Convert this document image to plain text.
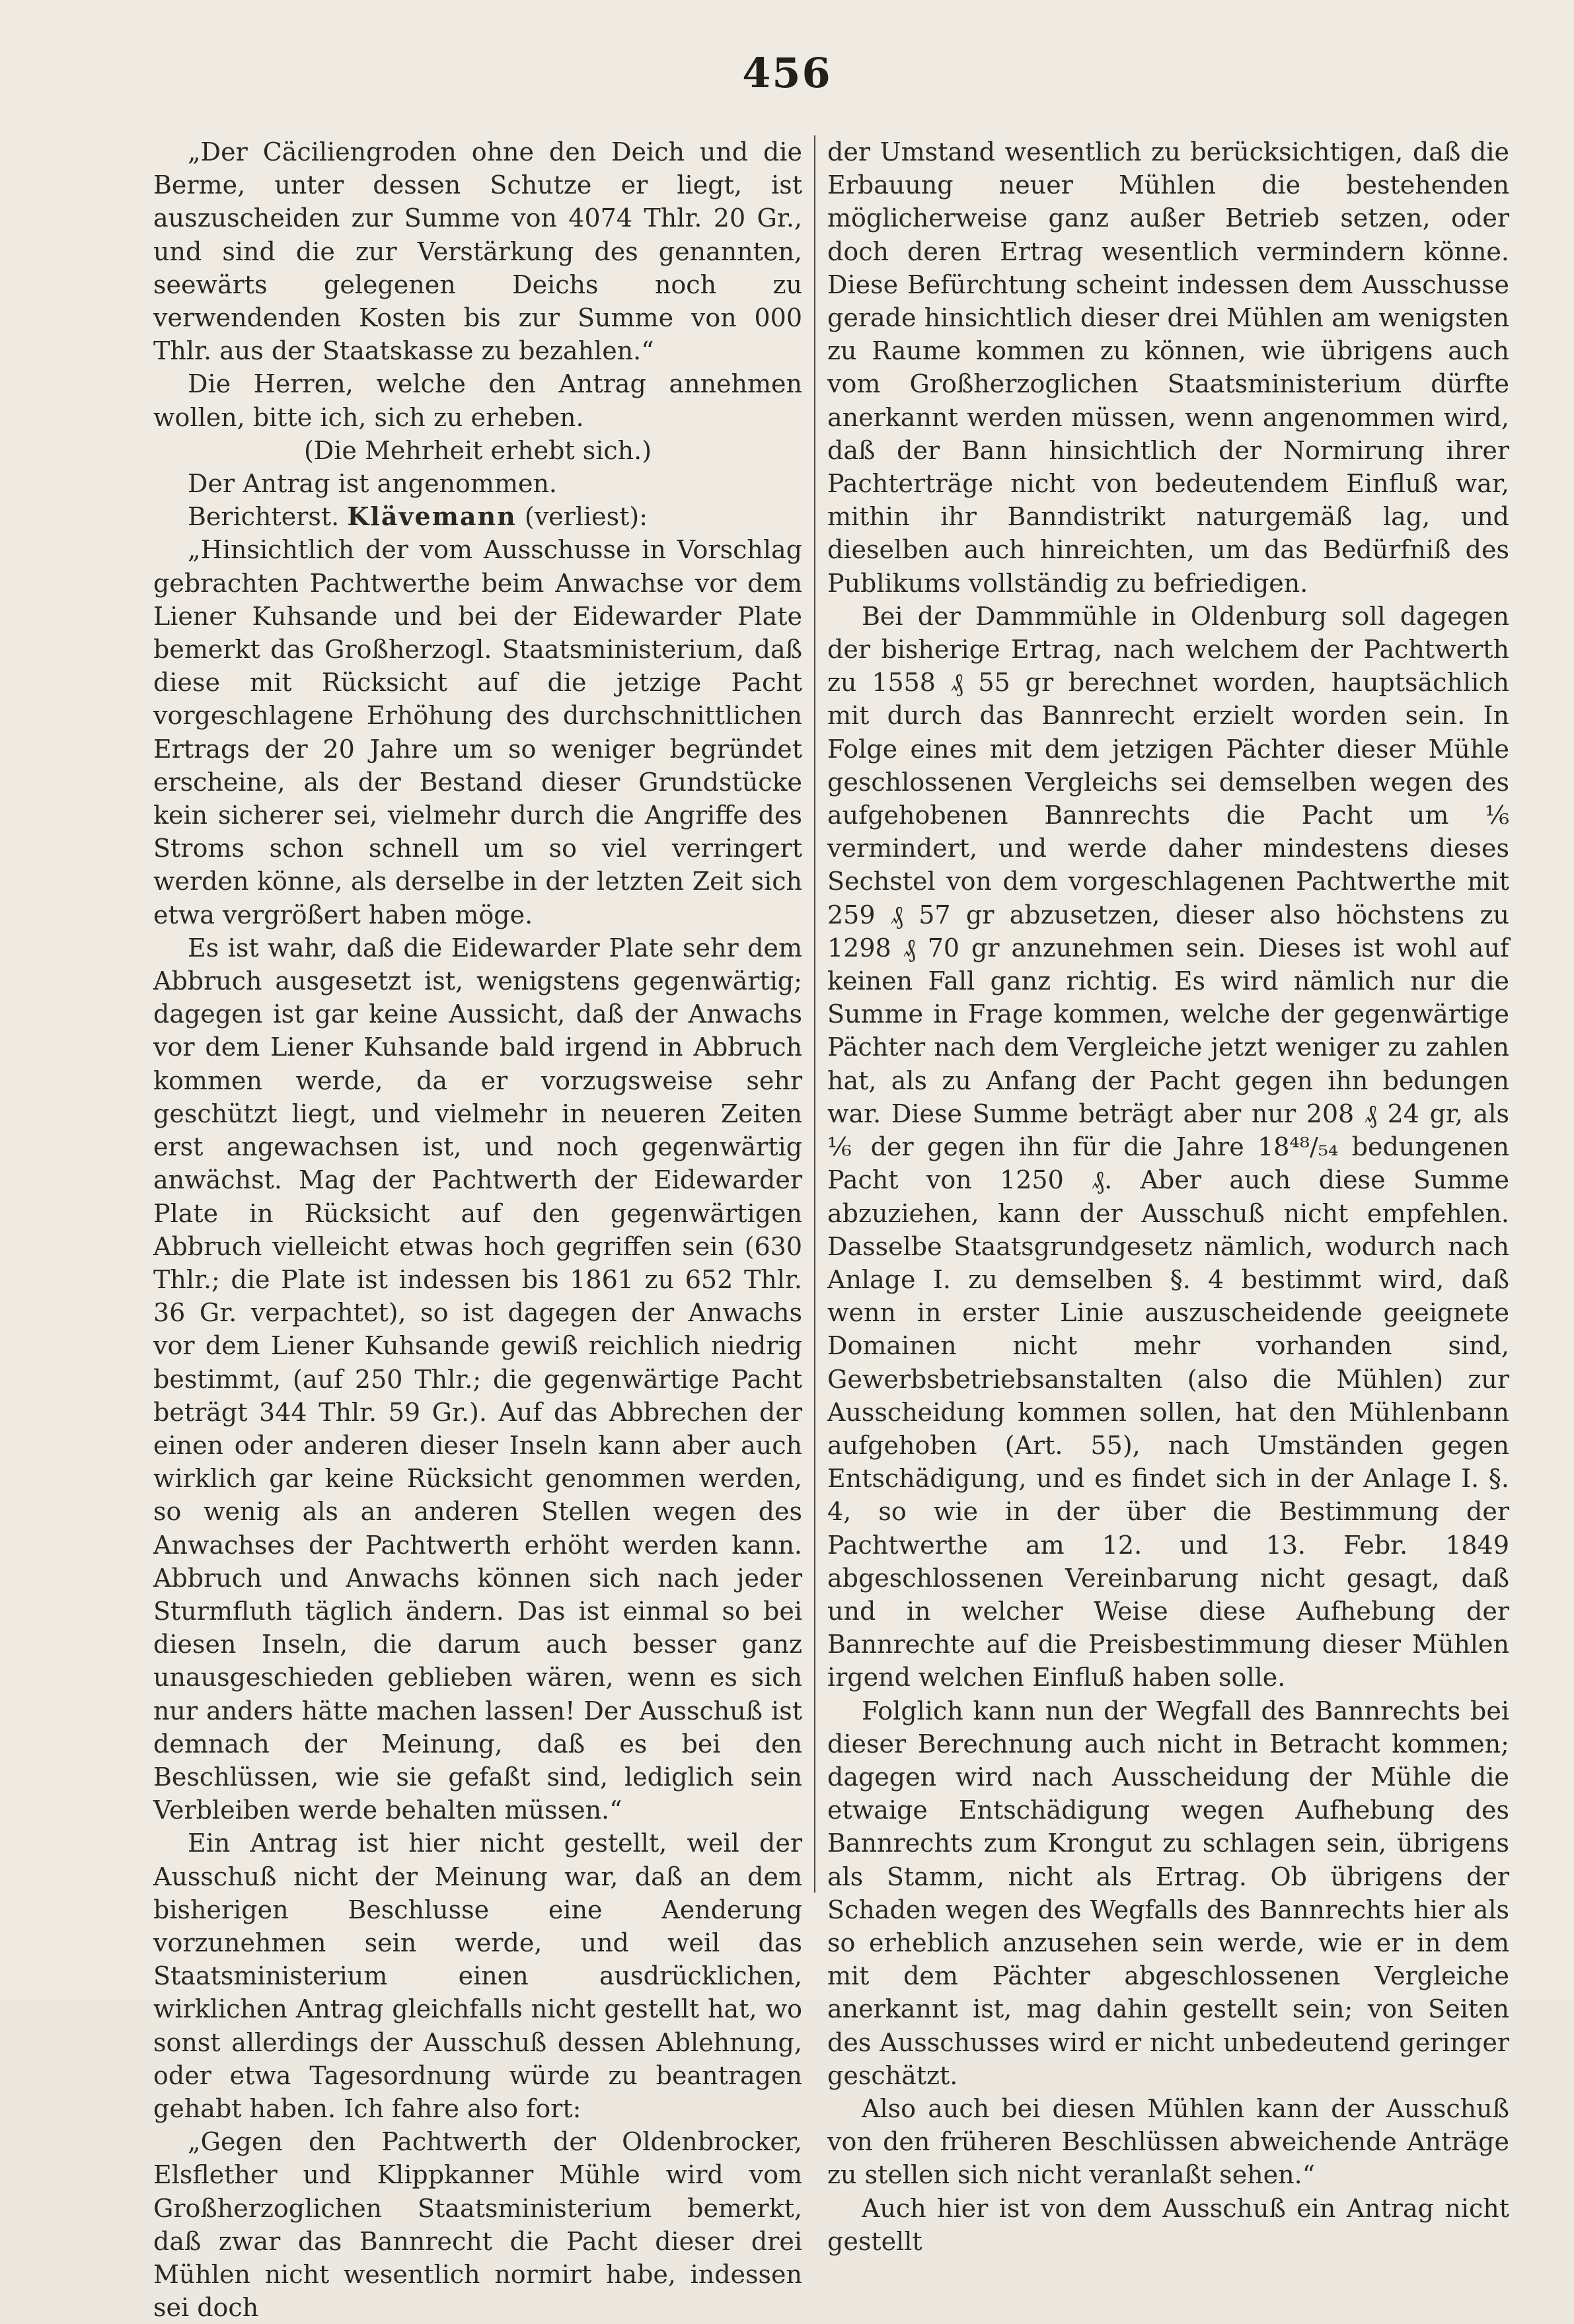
456

„Der Cäciliengroden ohne den Deich und die Berme, unter dessen Schutze er liegt, ist auszuscheiden zur Summe von 4074 Thlr. 20 Gr., und sind die zur Verstärkung des genannten, seewärts gelegenen Deichs noch zu verwendenden Kosten bis zur Summe von 000 Thlr. aus der Staatskasse zu bezahlen.“

Die Herren, welche den Antrag annehmen wollen, bitte ich, sich zu erheben.

(Die Mehrheit erhebt sich.)

Der Antrag ist angenommen.

Berichterst. Klävemann (verliest):

„Hinsichtlich der vom Ausschusse in Vorschlag gebrachten Pachtwerthe beim Anwachse vor dem Liener Kuhsande und bei der Eidewarder Plate bemerkt das Großherzogl. Staatsministerium, daß diese mit Rücksicht auf die jetzige Pacht vorgeschlagene Erhöhung des durchschnittlichen Ertrags der 20 Jahre um so weniger begründet erscheine, als der Bestand dieser Grundstücke kein sicherer sei, vielmehr durch die Angriffe des Stroms schon schnell um so viel verringert werden könne, als derselbe in der letzten Zeit sich etwa vergrößert haben möge.

Es ist wahr, daß die Eidewarder Plate sehr dem Abbruch ausgesetzt ist, wenigstens gegenwärtig; dagegen ist gar keine Aussicht, daß der Anwachs vor dem Liener Kuhsande bald irgend in Abbruch kommen werde, da er vorzugsweise sehr geschützt liegt, und vielmehr in neueren Zeiten erst angewachsen ist, und noch gegenwärtig anwächst. Mag der Pachtwerth der Eidewarder Plate in Rücksicht auf den gegenwärtigen Abbruch vielleicht etwas hoch gegriffen sein (630 Thlr.; die Plate ist indessen bis 1861 zu 652 Thlr. 36 Gr. verpachtet), so ist dagegen der Anwachs vor dem Liener Kuhsande gewiß reichlich niedrig bestimmt, (auf 250 Thlr.; die gegenwärtige Pacht beträgt 344 Thlr. 59 Gr.). Auf das Abbrechen der einen oder anderen dieser Inseln kann aber auch wirklich gar keine Rücksicht genommen werden, so wenig als an anderen Stellen wegen des Anwachses der Pachtwerth erhöht werden kann. Abbruch und Anwachs können sich nach jeder Sturmfluth täglich ändern. Das ist einmal so bei diesen Inseln, die darum auch besser ganz unausgeschieden geblieben wären, wenn es sich nur anders hätte machen lassen! Der Ausschuß ist demnach der Meinung, daß es bei den Beschlüssen, wie sie gefaßt sind, lediglich sein Verbleiben werde behalten müssen.“

Ein Antrag ist hier nicht gestellt, weil der Ausschuß nicht der Meinung war, daß an dem bisherigen Beschlusse eine Aenderung vorzunehmen sein werde, und weil das Staatsministerium einen ausdrücklichen, wirklichen Antrag gleichfalls nicht gestellt hat, wo sonst allerdings der Ausschuß dessen Ablehnung, oder etwa Tagesordnung würde zu beantragen gehabt haben. Ich fahre also fort:

„Gegen den Pachtwerth der Oldenbrocker, Elsflether und Klippkanner Mühle wird vom Großherzoglichen Staatsministerium bemerkt, daß zwar das Bannrecht die Pacht dieser drei Mühlen nicht wesentlich normirt habe, indessen sei doch

der Umstand wesentlich zu berücksichtigen, daß die Erbauung neuer Mühlen die bestehenden möglicherweise ganz außer Betrieb setzen, oder doch deren Ertrag wesentlich vermindern könne. Diese Befürchtung scheint indessen dem Ausschusse gerade hinsichtlich dieser drei Mühlen am wenigsten zu Raume kommen zu können, wie übrigens auch vom Großherzoglichen Staatsministerium dürfte anerkannt werden müssen, wenn angenommen wird, daß der Bann hinsichtlich der Normirung ihrer Pachterträge nicht von bedeutendem Einfluß war, mithin ihr Banndistrikt naturgemäß lag, und dieselben auch hinreichten, um das Bedürfniß des Publikums vollständig zu befriedigen.

Bei der Dammmühle in Oldenburg soll dagegen der bisherige Ertrag, nach welchem der Pachtwerth zu 1558 ₰ 55 gr berechnet worden, hauptsächlich mit durch das Bannrecht erzielt worden sein. In Folge eines mit dem jetzigen Pächter dieser Mühle geschlossenen Vergleichs sei demselben wegen des aufgehobenen Bannrechts die Pacht um ⅙ vermindert, und werde daher mindestens dieses Sechstel von dem vorgeschlagenen Pachtwerthe mit 259 ₰ 57 gr abzusetzen, dieser also höchstens zu 1298 ₰ 70 gr anzunehmen sein. Dieses ist wohl auf keinen Fall ganz richtig. Es wird nämlich nur die Summe in Frage kommen, welche der gegenwärtige Pächter nach dem Vergleiche jetzt weniger zu zahlen hat, als zu Anfang der Pacht gegen ihn bedungen war. Diese Summe beträgt aber nur 208 ₰ 24 gr, als ⅙ der gegen ihn für die Jahre 18⁴⁸/₅₄ bedungenen Pacht von 1250 ₰. Aber auch diese Summe abzuziehen, kann der Ausschuß nicht empfehlen. Dasselbe Staatsgrundgesetz nämlich, wodurch nach Anlage I. zu demselben §. 4 bestimmt wird, daß wenn in erster Linie auszuscheidende geeignete Domainen nicht mehr vorhanden sind, Gewerbsbetriebsanstalten (also die Mühlen) zur Ausscheidung kommen sollen, hat den Mühlenbann aufgehoben (Art. 55), nach Umständen gegen Entschädigung, und es findet sich in der Anlage I. §. 4, so wie in der über die Bestimmung der Pachtwerthe am 12. und 13. Febr. 1849 abgeschlossenen Vereinbarung nicht gesagt, daß und in welcher Weise diese Aufhebung der Bannrechte auf die Preisbestimmung dieser Mühlen irgend welchen Einfluß haben solle.

Folglich kann nun der Wegfall des Bannrechts bei dieser Berechnung auch nicht in Betracht kommen; dagegen wird nach Ausscheidung der Mühle die etwaige Entschädigung wegen Aufhebung des Bannrechts zum Krongut zu schlagen sein, übrigens als Stamm, nicht als Ertrag. Ob übrigens der Schaden wegen des Wegfalls des Bannrechts hier als so erheblich anzusehen sein werde, wie er in dem mit dem Pächter abgeschlossenen Vergleiche anerkannt ist, mag dahin gestellt sein; von Seiten des Ausschusses wird er nicht unbedeutend geringer geschätzt.

Also auch bei diesen Mühlen kann der Ausschuß von den früheren Beschlüssen abweichende Anträge zu stellen sich nicht veranlaßt sehen.“

Auch hier ist von dem Ausschuß ein Antrag nicht gestellt
